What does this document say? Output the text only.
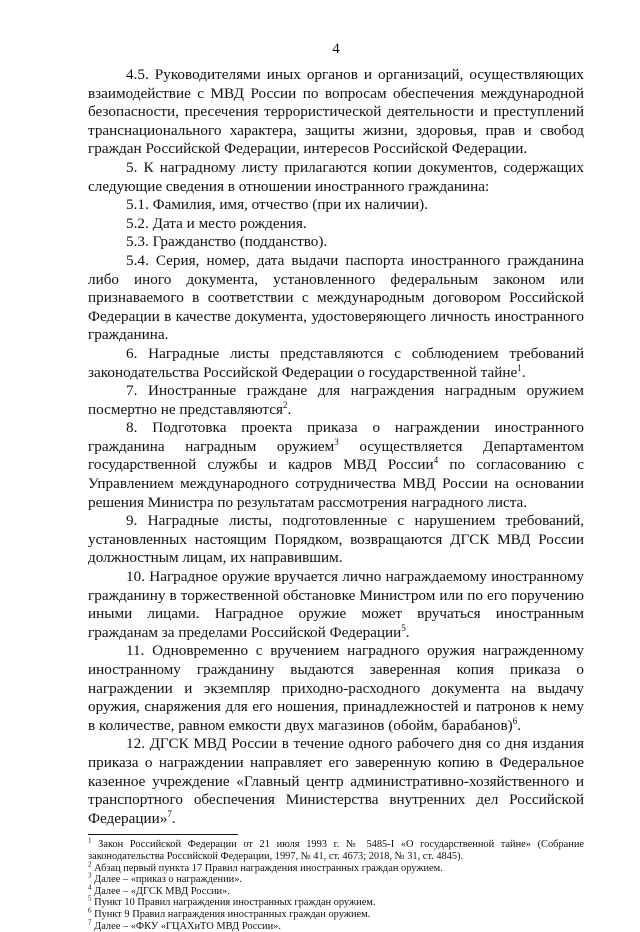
4

4.5. Руководителями иных органов и организаций, осуществляющих взаимодействие с МВД России по вопросам обеспечения международной безопасности, пресечения террористической деятельности и преступлений транснационального характера, защиты жизни, здоровья, прав и свобод граждан Российской Федерации, интересов Российской Федерации.

5. К наградному листу прилагаются копии документов, содержащих следующие сведения в отношении иностранного гражданина:

5.1. Фамилия, имя, отчество (при их наличии).

5.2. Дата и место рождения.

5.3. Гражданство (подданство).

5.4. Серия, номер, дата выдачи паспорта иностранного гражданина либо иного документа, установленного федеральным законом или признаваемого в соответствии с международным договором Российской Федерации в качестве документа, удостоверяющего личность иностранного гражданина.

6. Наградные листы представляются с соблюдением требований законодательства Российской Федерации о государственной тайне$^1$.

7. Иностранные граждане для награждения наградным оружием посмертно не представляются$^2$.

8. Подготовка проекта приказа о награждении иностранного гражданина наградным оружием$^3$ осуществляется Департаментом государственной службы и кадров МВД России$^4$ по согласованию с Управлением международного сотрудничества МВД России на основании решения Министра по результатам рассмотрения наградного листа.

9. Наградные листы, подготовленные с нарушением требований, установленных настоящим Порядком, возвращаются ДГСК МВД России должностным лицам, их направившим.

10. Наградное оружие вручается лично награждаемому иностранному гражданину в торжественной обстановке Министром или по его поручению иными лицами. Наградное оружие может вручаться иностранным гражданам за пределами Российской Федерации$^5$.

11. Одновременно с вручением наградного оружия награжденному иностранному гражданину выдаются заверенная копия приказа о награждении и экземпляр приходно-расходного документа на выдачу оружия, снаряжения для его ношения, принадлежностей и патронов к нему в количестве, равном емкости двух магазинов (обойм, барабанов)$^6$.

12. ДГСК МВД России в течение одного рабочего дня со дня издания приказа о награждении направляет его заверенную копию в Федеральное казенное учреждение «Главный центр административно-хозяйственного и транспортного обеспечения Министерства внутренних дел Российской Федерации»$^7$.

$^1$ Закон Российской Федерации от 21 июля 1993 г. № 5485-I «О государственной тайне» (Собрание законодательства Российской Федерации, 1997, № 41, ст. 4673; 2018, № 31, ст. 4845).

$^2$ Абзац первый пункта 17 Правил награждения иностранных граждан оружием.

$^3$ Далее – «приказ о награждении».

$^4$ Далее – «ДГСК МВД России».

$^5$ Пункт 10 Правил награждения иностранных граждан оружием.

$^6$ Пункт 9 Правил награждения иностранных граждан оружием.

$^7$ Далее – «ФКУ «ГЦАХиТО МВД России».
